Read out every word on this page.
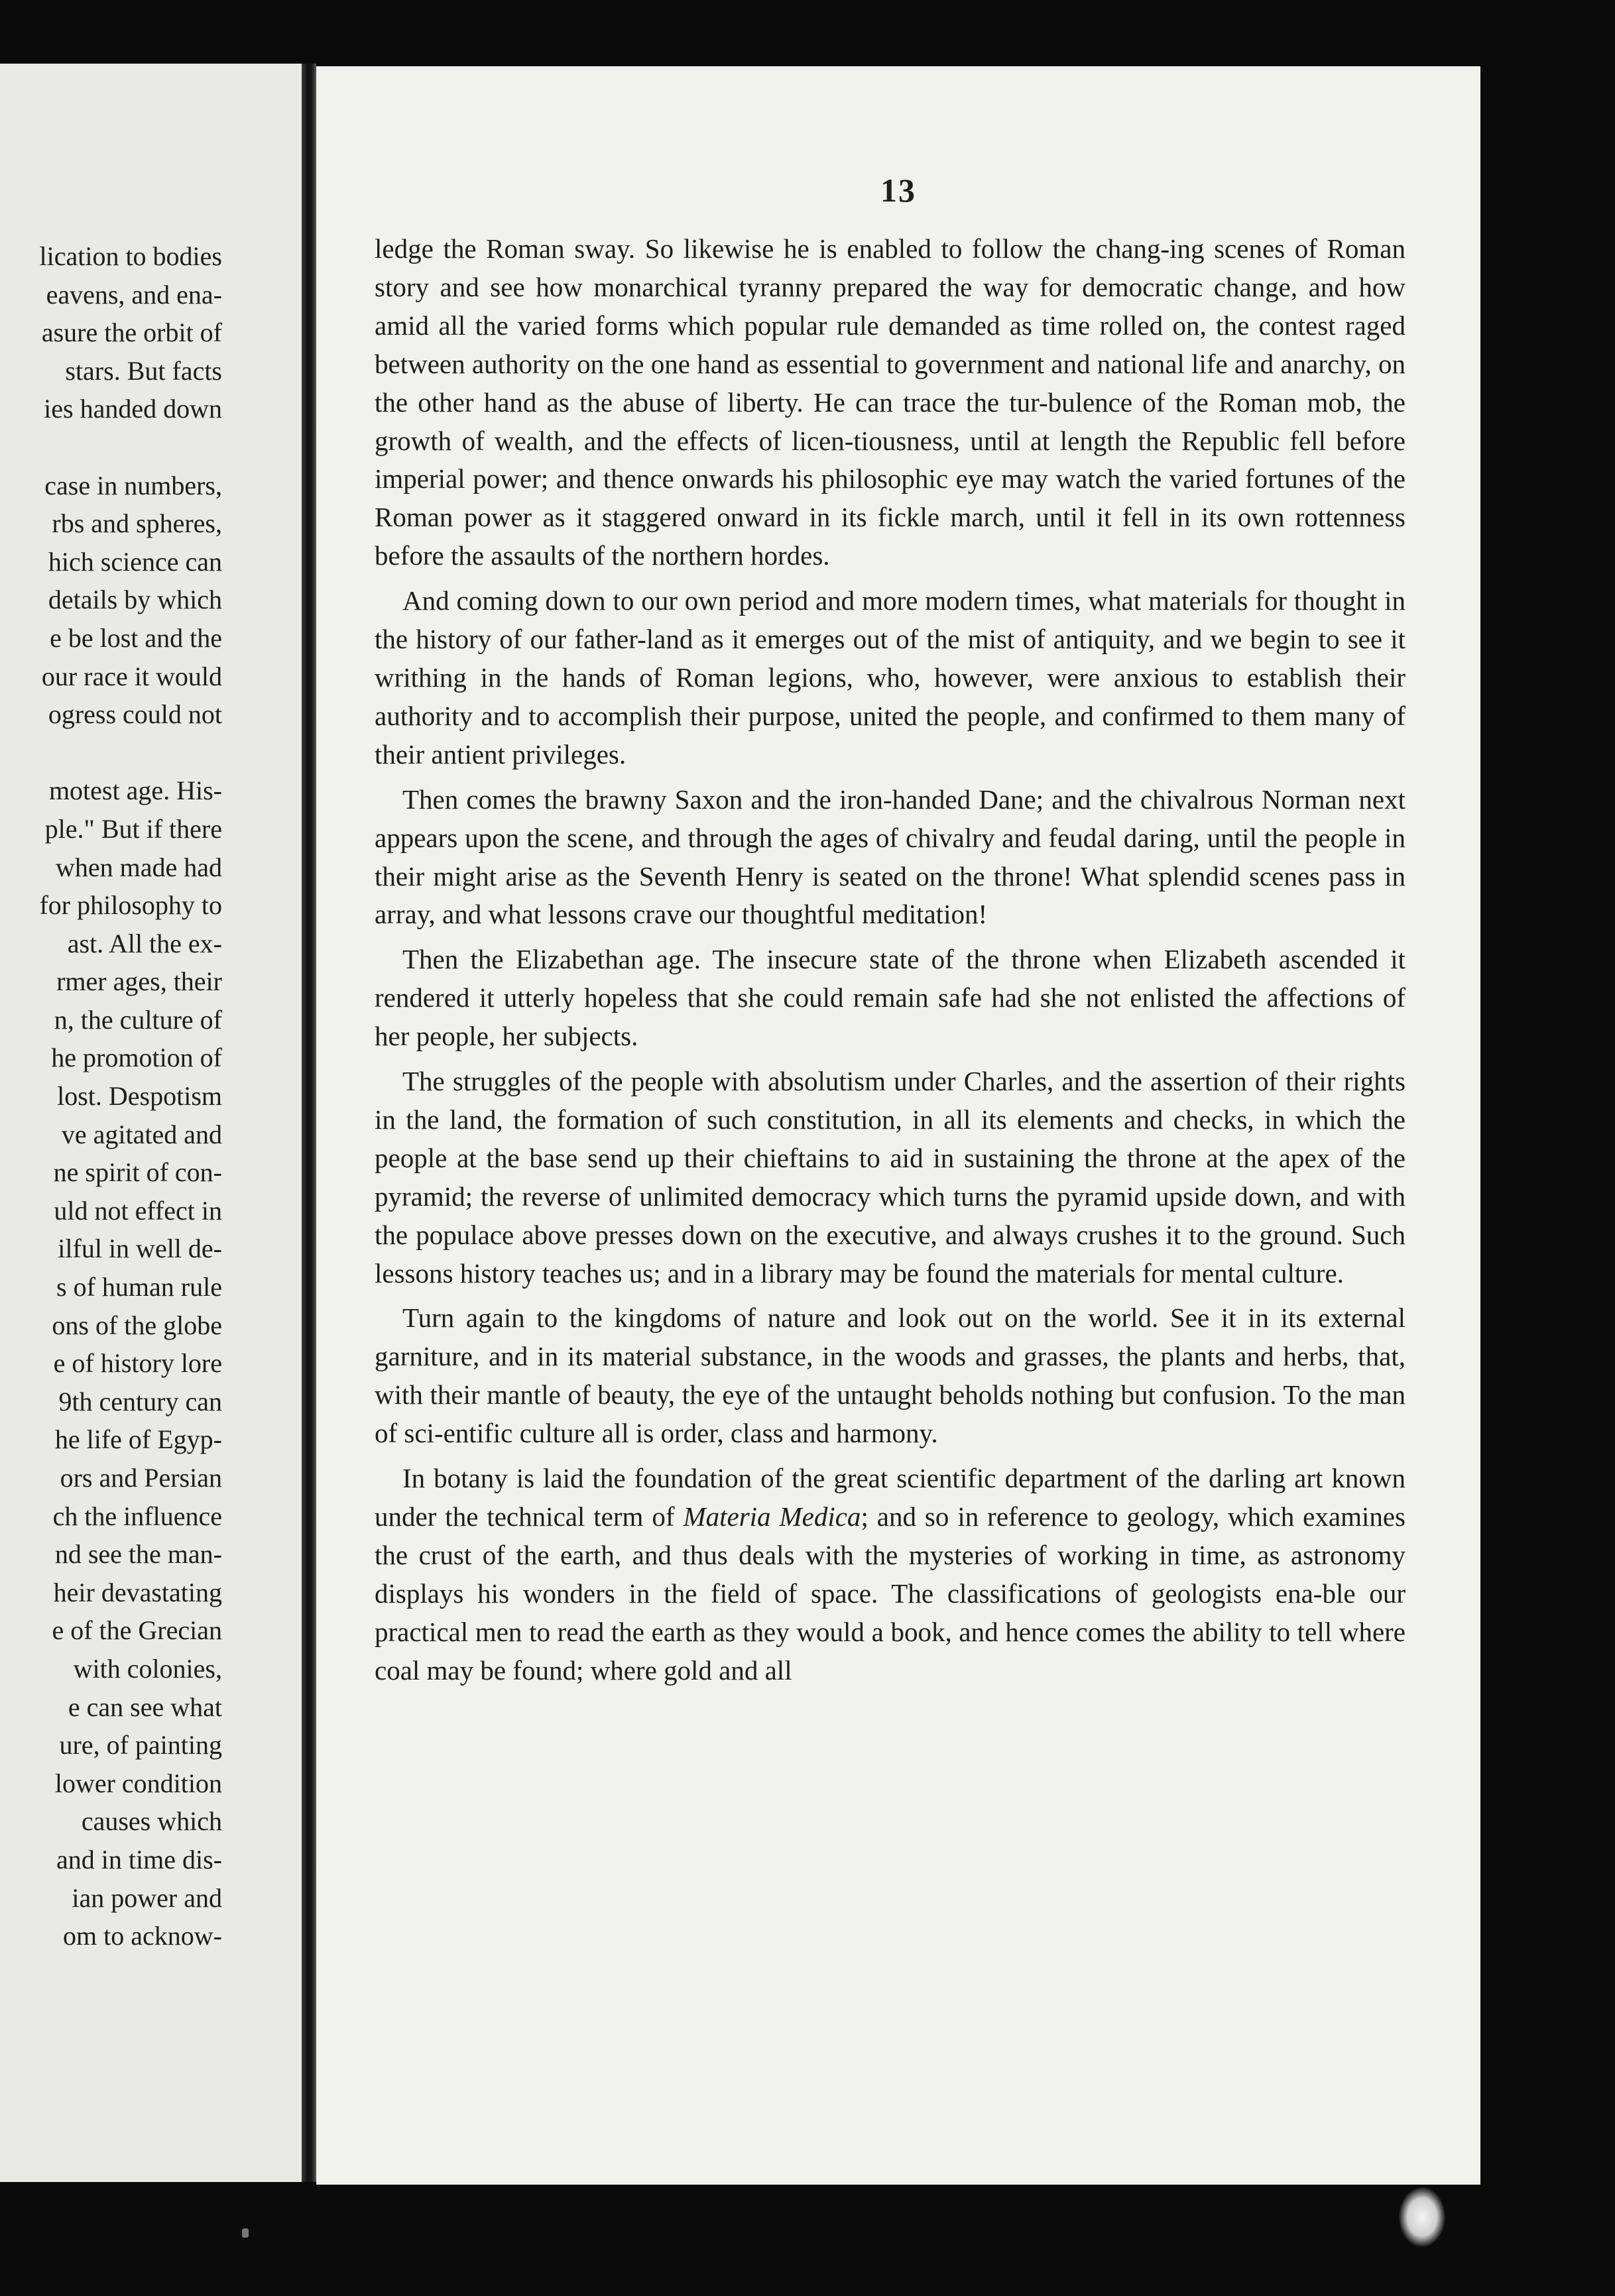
lication to bodies
eavens, and ena-
asure the orbit of
stars. But facts
ies handed down
case in numbers,
rbs and spheres,
hich science can
details by which
e be lost and the
our race it would
ogress could not
motest age. His-
ple." But if there
when made had
for philosophy to
ast. All the ex-
rmer ages, their
n, the culture of
he promotion of
lost. Despotism
ve agitated and
ne spirit of con-
uld not effect in
ilful in well de-
s of human rule
ons of the globe
e of history lore
9th century can
he life of Egyp-
ors and Persian
ch the influence
nd see the man-
heir devastating
e of the Grecian
with colonies,
e can see what
ure, of painting
lower condition
causes which
and in time dis-
ian power and
om to acknow-
13

ledge the Roman sway. So likewise he is enabled to follow the chang-ing scenes of Roman story and see how monarchical tyranny prepared the way for democratic change, and how amid all the varied forms which popular rule demanded as time rolled on, the contest raged between authority on the one hand as essential to government and national life and anarchy, on the other hand as the abuse of liberty. He can trace the tur-bulence of the Roman mob, the growth of wealth, and the effects of licen-tiousness, until at length the Republic fell before imperial power; and thence onwards his philosophic eye may watch the varied fortunes of the Roman power as it staggered onward in its fickle march, until it fell in its own rottenness before the assaults of the northern hordes.

And coming down to our own period and more modern times, what materials for thought in the history of our father-land as it emerges out of the mist of antiquity, and we begin to see it writhing in the hands of Roman legions, who, however, were anxious to establish their authority and to accomplish their purpose, united the people, and confirmed to them many of their antient privileges.

Then comes the brawny Saxon and the iron-handed Dane; and the chivalrous Norman next appears upon the scene, and through the ages of chivalry and feudal daring, until the people in their might arise as the Seventh Henry is seated on the throne! What splendid scenes pass in array, and what lessons crave our thoughtful meditation!

Then the Elizabethan age. The insecure state of the throne when Elizabeth ascended it rendered it utterly hopeless that she could remain safe had she not enlisted the affections of her people, her subjects.

The struggles of the people with absolutism under Charles, and the assertion of their rights in the land, the formation of such constitution, in all its elements and checks, in which the people at the base send up their chieftains to aid in sustaining the throne at the apex of the pyramid; the reverse of unlimited democracy which turns the pyramid upside down, and with the populace above presses down on the executive, and always crushes it to the ground. Such lessons history teaches us; and in a library may be found the materials for mental culture.

Turn again to the kingdoms of nature and look out on the world. See it in its external garniture, and in its material substance, in the woods and grasses, the plants and herbs, that, with their mantle of beauty, the eye of the untaught beholds nothing but confusion. To the man of sci-entific culture all is order, class and harmony.

In botany is laid the foundation of the great scientific department of the darling art known under the technical term of Materia Medica; and so in reference to geology, which examines the crust of the earth, and thus deals with the mysteries of working in time, as astronomy displays his wonders in the field of space. The classifications of geologists ena-ble our practical men to read the earth as they would a book, and hence comes the ability to tell where coal may be found; where gold and all
